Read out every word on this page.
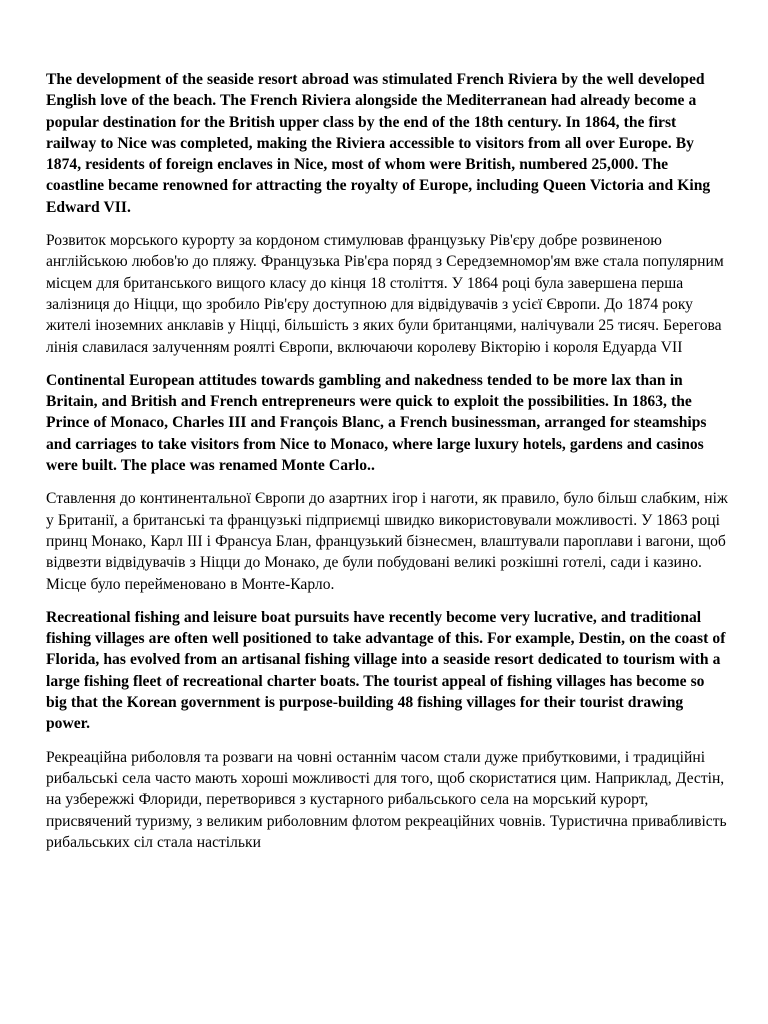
The development of the seaside resort abroad was stimulated French Riviera by the well developed English love of the beach. The French Riviera alongside the Mediterranean had already become a popular destination for the British upper class by the end of the 18th century. In 1864, the first railway to Nice was completed, making the Riviera accessible to visitors from all over Europe. By 1874, residents of foreign enclaves in Nice, most of whom were British, numbered 25,000. The coastline became renowned for attracting the royalty of Europe, including Queen Victoria and King Edward VII.

Розвиток морського курорту за кордоном стимулював французьку Рів'єру добре розвиненою англійською любов'ю до пляжу. Французька Рів'єра поряд з Середземномор'ям вже стала популярним місцем для британського вищого класу до кінця 18 століття. У 1864 році була завершена перша залізниця до Ніцци, що зробило Рів'єру доступною для відвідувачів з усієї Європи. До 1874 року жителі іноземних анклавів у Ніцці, більшість з яких були британцями, налічували 25 тисяч. Берегова лінія славилася залученням роялті Європи, включаючи королеву Вікторію і короля Едуарда VII

Continental European attitudes towards gambling and nakedness tended to be more lax than in Britain, and British and French entrepreneurs were quick to exploit the possibilities. In 1863, the Prince of Monaco, Charles III and François Blanc, a French businessman, arranged for steamships and carriages to take visitors from Nice to Monaco, where large luxury hotels, gardens and casinos were built. The place was renamed Monte Carlo..

Ставлення до континентальної Європи до азартних ігор і наготи, як правило, було більш слабким, ніж у Британії, а британські та французькі підприємці швидко використовували можливості. У 1863 році принц Монако, Карл III і Франсуа Блан, французький бізнесмен, влаштували пароплави і вагони, щоб відвезти відвідувачів з Ніцци до Монако, де були побудовані великі розкішні готелі, сади і казино. Місце було перейменовано в Монте-Карло.

Recreational fishing and leisure boat pursuits have recently become very lucrative, and traditional fishing villages are often well positioned to take advantage of this. For example, Destin, on the coast of Florida, has evolved from an artisanal fishing village into a seaside resort dedicated to tourism with a large fishing fleet of recreational charter boats. The tourist appeal of fishing villages has become so big that the Korean government is purpose-building 48 fishing villages for their tourist drawing power.

Рекреаційна риболовля та розваги на човні останнім часом стали дуже прибутковими, і традиційні рибальські села часто мають хороші можливості для того, щоб скористатися цим. Наприклад, Дестін, на узбережжі Флориди, перетворився з кустарного рибальського села на морський курорт, присвячений туризму, з великим риболовним флотом рекреаційних човнів. Туристична привабливість рибальських сіл стала настільки
